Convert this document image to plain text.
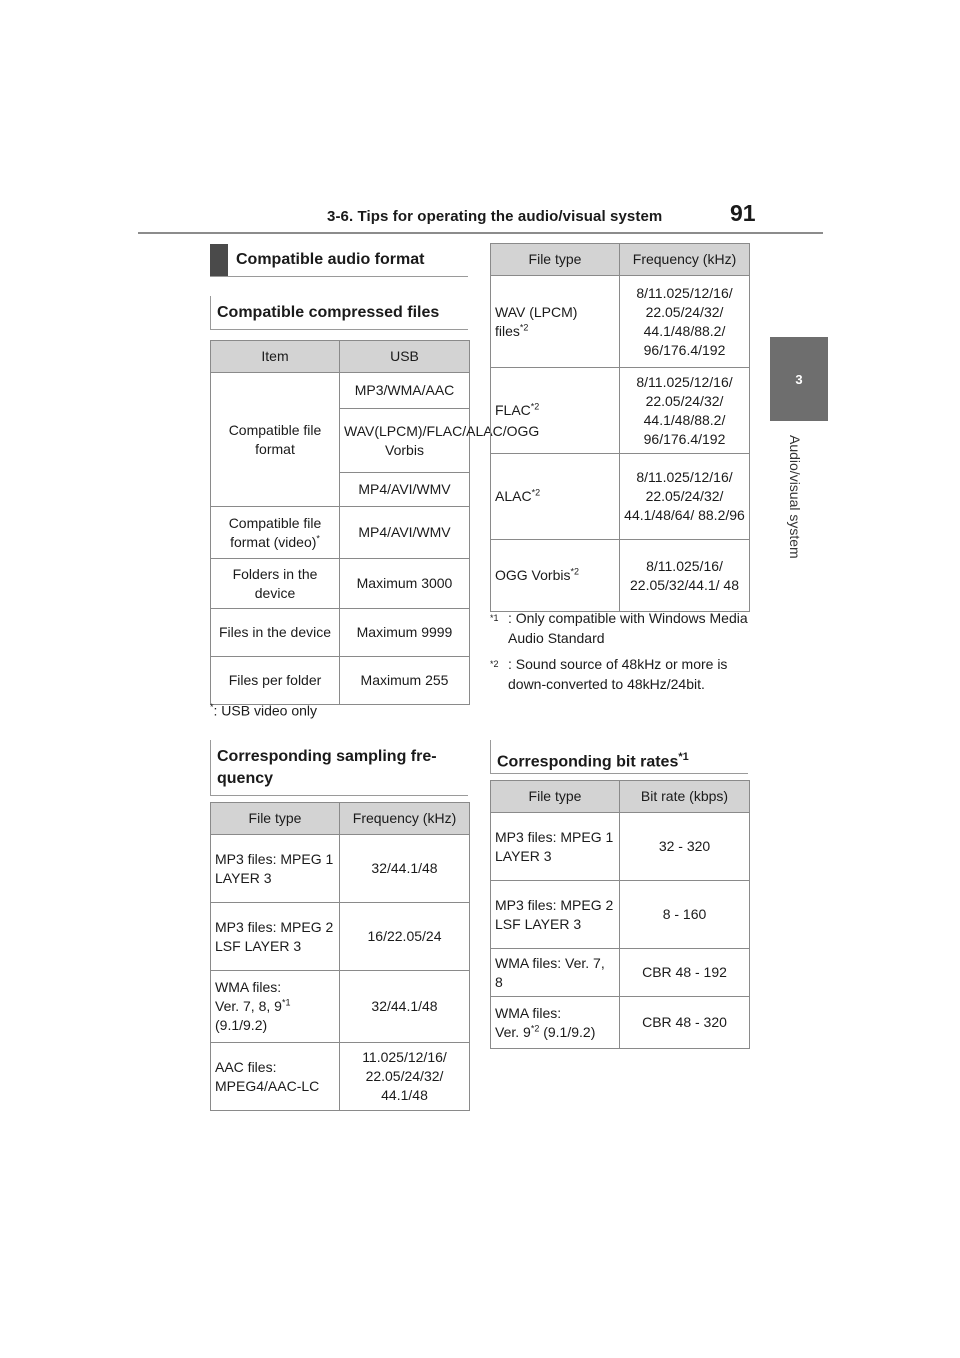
3-6. Tips for operating the audio/visual system	91
3
Audio/visual system
Compatible audio format
Compatible compressed files
Item	USB
Compatible file format	MP3/WMA/AAC
	WAV(LPCM)/FLAC/ALAC/OGG Vorbis
	MP4/AVI/WMV
Compatible file format (video)*	MP4/AVI/WMV
Folders in the device	Maximum 3000
Files in the device	Maximum 9999
Files per folder	Maximum 255
*: USB video only
Corresponding sampling fre-quency
File type	Frequency (kHz)
MP3 files: MPEG 1 LAYER 3	32/44.1/48
MP3 files: MPEG 2 LSF LAYER 3	16/22.05/24
WMA files:
Ver. 7, 8, 9$^{*1}$
(9.1/9.2)	32/44.1/48
AAC files: MPEG4/AAC-LC	11.025/12/16/ 22.05/24/32/ 44.1/48
File type	Frequency (kHz)
WAV (LPCM)
files$^{*2}$	8/11.025/12/16/ 22.05/24/32/ 44.1/48/88.2/ 96/176.4/192
FLAC$^{*2}$	8/11.025/12/16/ 22.05/24/32/ 44.1/48/88.2/ 96/176.4/192
ALAC$^{*2}$	8/11.025/12/16/ 22.05/24/32/ 44.1/48/64/ 88.2/96
OGG Vorbis$^{*2}$	8/11.025/16/ 22.05/32/44.1/ 48
$^{*1}$ : Only compatible with Windows Media Audio Standard
$^{*2}$ : Sound source of 48kHz or more is down-converted to 48kHz/24bit.
Corresponding bit rates$^{*1}$
File type	Bit rate (kbps)
MP3 files: MPEG 1 LAYER 3	32 - 320
MP3 files: MPEG 2 LSF LAYER 3	8 - 160
WMA files: Ver. 7, 8	CBR 48 - 192
WMA files:
Ver. 9$^{*2}$ (9.1/9.2)	CBR 48 - 320
